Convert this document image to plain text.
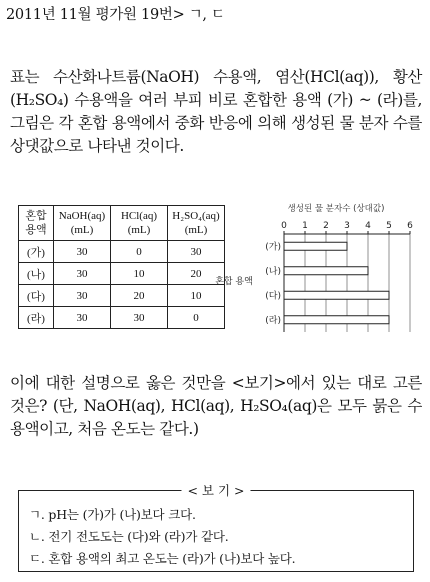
2011년 11월 평가원 19번> ㄱ, ㄷ
표는 수산화나트륨(NaOH) 수용액, 염산(HCl(aq)), 황산(H₂SO₄) 수용액을 여러 부피 비로 혼합한 용액 (가) ~ (라)를, 그림은 각 혼합 용액에서 중화 반응에 의해 생성된 물 분자 수를 상댓값으로 나타낸 것이다.
혼합 용액	NaOH(aq) (mL)	HCl(aq) (mL)	H₂SO₄(aq) (mL)
(가)	30	0	30
(나)	30	10	20
(다)	30	20	10
(라)	30	30	0
생성된 물 분자수 (상대값)
혼합 용액
0 1 2 3 4 5 6
(가)
(나)
(다)
(라)
이에 대한 설명으로 옳은 것만을 <보기>에서 있는 대로 고른 것은? (단, NaOH(aq), HCl(aq), H₂SO₄(aq)은 모두 묽은 수용액이고, 처음 온도는 같다.)
< 보 기 >
ㄱ. pH는 (가)가 (나)보다 크다.
ㄴ. 전기 전도도는 (다)와 (라)가 같다.
ㄷ. 혼합 용액의 최고 온도는 (라)가 (나)보다 높다.
